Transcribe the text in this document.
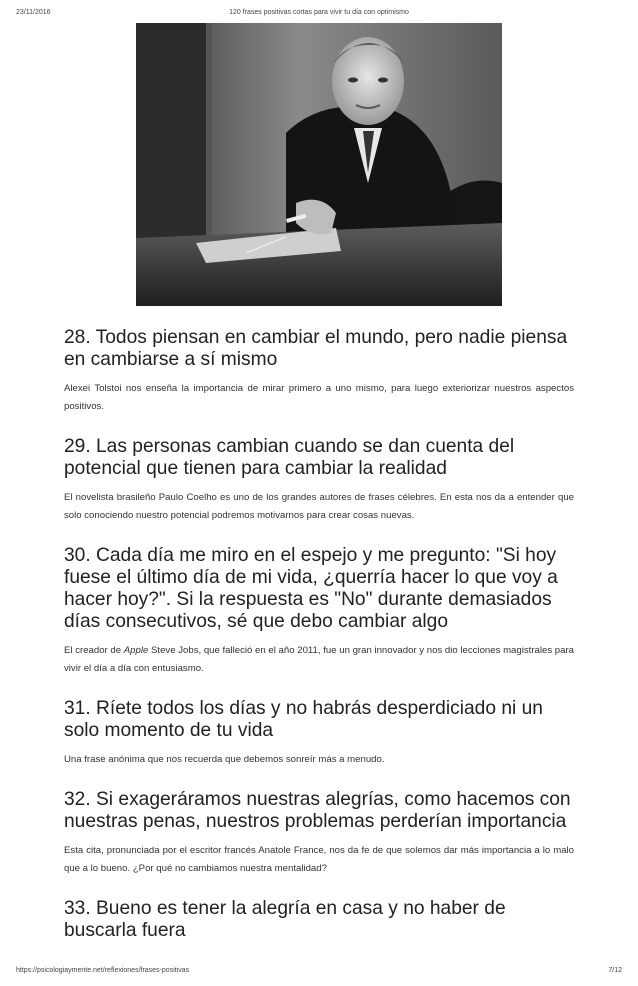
23/11/2016	120 frases positivas cortas para vivir tu día con optimismo
28. Todos piensan en cambiar el mundo, pero nadie piensa en cambiarse a sí mismo

Alexei Tolstoi nos enseña la importancia de mirar primero a uno mismo, para luego exteriorizar nuestros aspectos positivos.

29. Las personas cambian cuando se dan cuenta del potencial que tienen para cambiar la realidad

El novelista brasileño Paulo Coelho es uno de los grandes autores de frases célebres. En esta nos da a entender que solo conociendo nuestro potencial podremos motivarnos para crear cosas nuevas.

30. Cada día me miro en el espejo y me pregunto: "Si hoy fuese el último día de mi vida, ¿querría hacer lo que voy a hacer hoy?". Si la respuesta es "No" durante demasiados días consecutivos, sé que debo cambiar algo

El creador de Apple Steve Jobs, que falleció en el año 2011, fue un gran innovador y nos dio lecciones magistrales para vivir el día a día con entusiasmo.

31. Ríete todos los días y no habrás desperdiciado ni un solo momento de tu vida

Una frase anónima que nos recuerda que debemos sonreír más a menudo.

32. Si exageráramos nuestras alegrías, como hacemos con nuestras penas, nuestros problemas perderían importancia

Esta cita, pronunciada por el escritor francés Anatole France, nos da fe de que solemos dar más importancia a lo malo que a lo bueno. ¿Por qué no cambiamos nuestra mentalidad?

33. Bueno es tener la alegría en casa y no haber de buscarla fuera
https://psicologiaymente.net/reflexiones/frases-positivas	7/12
